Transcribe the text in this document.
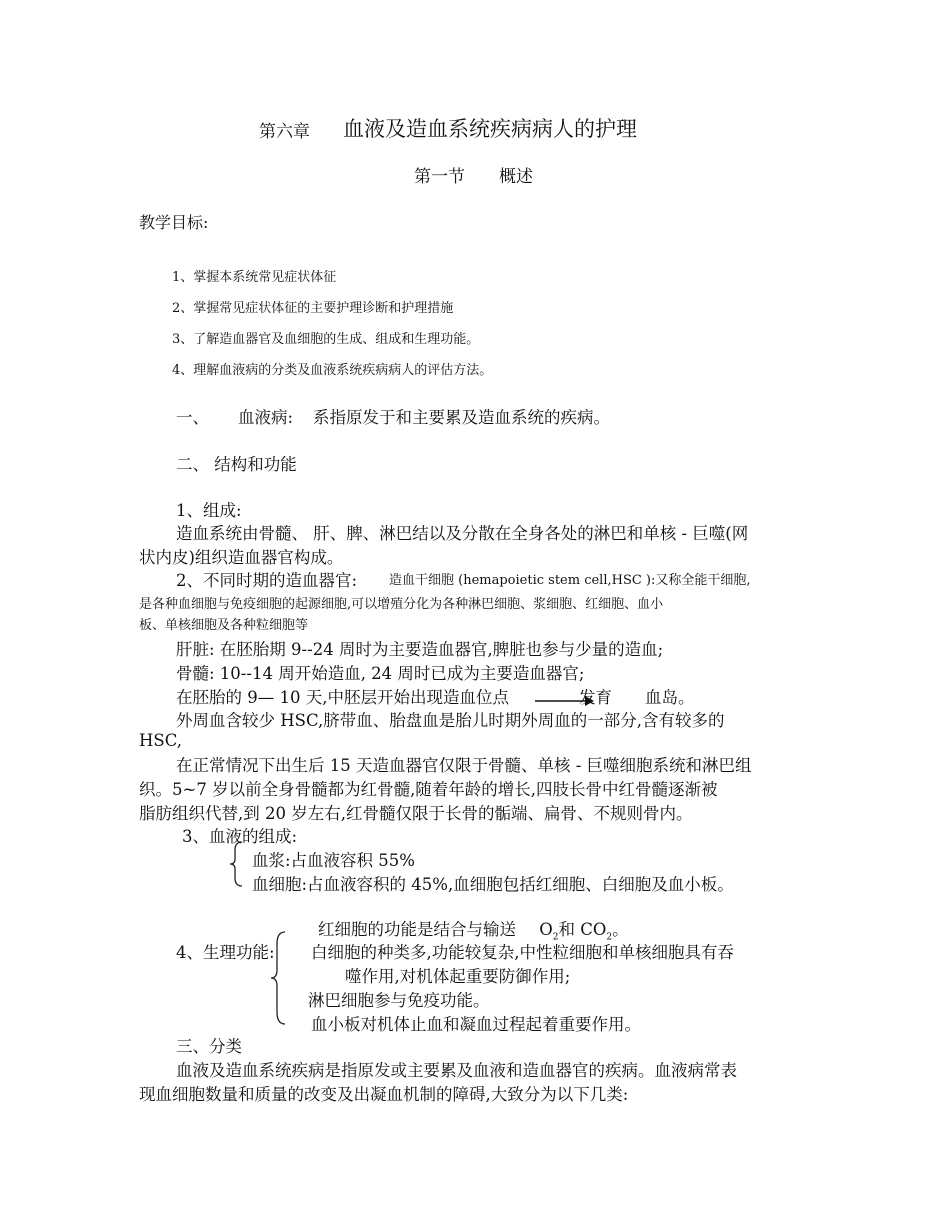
第六章 血液及造血系统疾病病人的护理
第一节 概述
教学目标:
1、掌握本系统常见症状体征
2、掌握常见症状体征的主要护理诊断和护理措施
3、了解造血器官及血细胞的生成、组成和生理功能。
4、理解血液病的分类及血液系统疾病病人的评估方法。
一、 血液病: 系指原发于和主要累及造血系统的疾病。
二、 结构和功能
1、组成:
造血系统由骨髓、 肝、脾、淋巴结以及分散在全身各处的淋巴和单核 - 巨噬(网
状内皮)组织造血器官构成。
2、不同时期的造血器官: 造血干细胞 (hemapoietic stem cell,HSC ):又称全能干细胞,
是各种血细胞与免疫细胞的起源细胞,可以增殖分化为各种淋巴细胞、浆细胞、红细胞、血小
板、单核细胞及各种粒细胞等
肝脏: 在胚胎期 9--24 周时为主要造血器官,脾脏也参与少量的造血;
骨髓: 10--14 周开始造血, 24 周时已成为主要造血器官;
在胚胎的 9— 10 天,中胚层开始出现造血位点	发育 血岛。
外周血含较少 HSC,脐带血、胎盘血是胎儿时期外周血的一部分,含有较多的
HSC,
在正常情况下出生后 15 天造血器官仅限于骨髓、单核 - 巨噬细胞系统和淋巴组
织。5~7 岁以前全身骨髓都为红骨髓,随着年龄的增长,四肢长骨中红骨髓逐渐被
脂肪组织代替,到 20 岁左右,红骨髓仅限于长骨的骺端、扁骨、不规则骨内。
3、血液的组成:
血浆:占血液容积 55%
血细胞:占血液容积的 45%,血细胞包括红细胞、白细胞及血小板。
红细胞的功能是结合与输送 $O_2$和 $CO_2$。
4、生理功能: 白细胞的种类多,功能较复杂,中性粒细胞和单核细胞具有吞
噬作用,对机体起重要防御作用;
淋巴细胞参与免疫功能。
血小板对机体止血和凝血过程起着重要作用。
三、分类
血液及造血系统疾病是指原发或主要累及血液和造血器官的疾病。血液病常表
现血细胞数量和质量的改变及出凝血机制的障碍,大致分为以下几类:
